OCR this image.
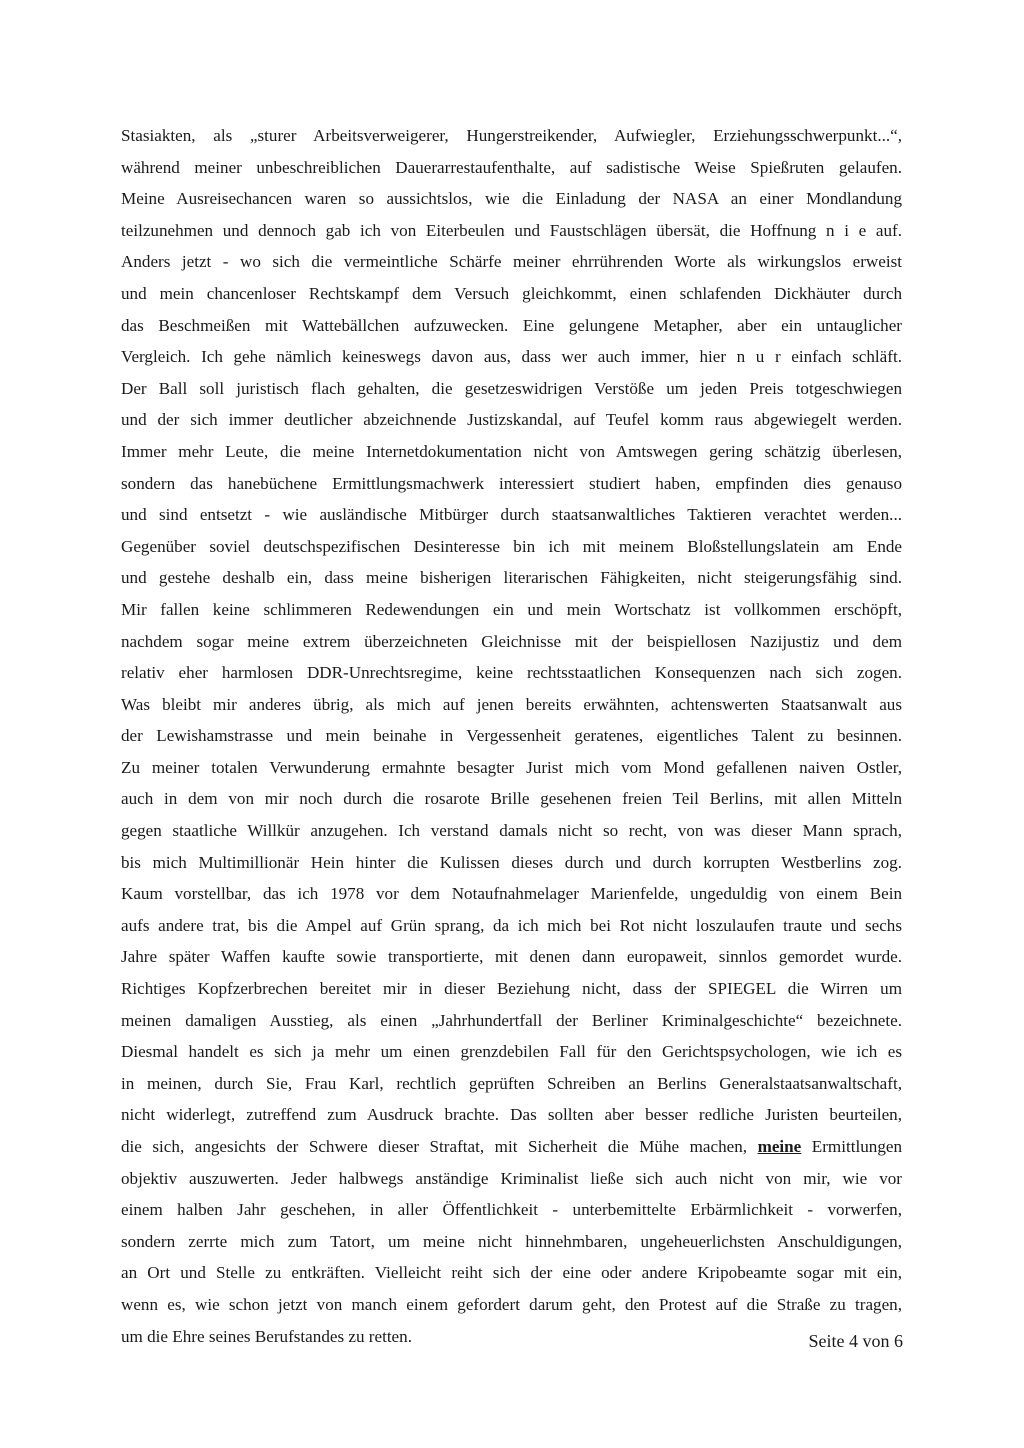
Stasiakten, als „sturer Arbeitsverweigerer, Hungerstreikender, Aufwiegler, Erziehungsschwerpunkt...“,
während meiner unbeschreiblichen Dauerarrestaufenthalte, auf sadistische Weise Spießruten gelaufen.
Meine Ausreisechancen waren so aussichtslos, wie die Einladung der NASA an einer Mondlandung
teilzunehmen und dennoch gab ich von Eiterbeulen und Faustschlägen übersät, die Hoffnung n i e auf.
Anders jetzt - wo sich die vermeintliche Schärfe meiner ehrrührenden Worte als wirkungslos erweist
und mein chancenloser Rechtskampf dem Versuch gleichkommt, einen schlafenden Dickhäuter durch
das Beschmeißen mit Wattebällchen aufzuwecken. Eine gelungene Metapher, aber ein untauglicher
Vergleich. Ich gehe nämlich keineswegs davon aus, dass wer auch immer, hier n u r einfach schläft.
Der Ball soll juristisch flach gehalten, die gesetzeswidrigen Verstöße um jeden Preis totgeschwiegen
und der sich immer deutlicher abzeichnende Justizskandal, auf Teufel komm raus abgewiegelt werden.
Immer mehr Leute, die meine Internetdokumentation nicht von Amtswegen gering schätzig überlesen,
sondern das hanebüchene Ermittlungsmachwerk interessiert studiert haben, empfinden dies genauso
und sind entsetzt - wie ausländische Mitbürger durch staatsanwaltliches Taktieren verachtet werden...
Gegenüber soviel deutschspezifischen Desinteresse bin ich mit meinem Bloßstellungslatein am Ende
und gestehe deshalb ein, dass meine bisherigen literarischen Fähigkeiten, nicht steigerungsfähig sind.
Mir fallen keine schlimmeren Redewendungen ein und mein Wortschatz ist vollkommen erschöpft,
nachdem sogar meine extrem überzeichneten Gleichnisse mit der beispiellosen Nazijustiz und dem
relativ eher harmlosen DDR-Unrechtsregime, keine rechtsstaatlichen Konsequenzen nach sich zogen.
Was bleibt mir anderes übrig, als mich auf jenen bereits erwähnten, achtenswerten Staatsanwalt aus
der Lewishamstrasse und mein beinahe in Vergessenheit geratenes, eigentliches Talent zu besinnen.
Zu meiner totalen Verwunderung ermahnte besagter Jurist mich vom Mond gefallenen naiven Ostler,
auch in dem von mir noch durch die rosarote Brille gesehenen freien Teil Berlins, mit allen Mitteln
gegen staatliche Willkür anzugehen. Ich verstand damals nicht so recht, von was dieser Mann sprach,
bis mich Multimillionär Hein hinter die Kulissen dieses durch und durch korrupten Westberlins zog.
Kaum vorstellbar, das ich 1978 vor dem Notaufnahmelager Marienfelde, ungeduldig von einem Bein
aufs andere trat, bis die Ampel auf Grün sprang, da ich mich bei Rot nicht loszulaufen traute und sechs
Jahre später Waffen kaufte sowie transportierte, mit denen dann europaweit, sinnlos gemordet wurde.
Richtiges Kopfzerbrechen bereitet mir in dieser Beziehung nicht, dass der SPIEGEL die Wirren um
meinen damaligen Ausstieg, als einen „Jahrhundertfall der Berliner Kriminalgeschichte“ bezeichnete.
Diesmal handelt es sich ja mehr um einen grenzdebilen Fall für den Gerichtspsychologen, wie ich es
in meinen, durch Sie, Frau Karl, rechtlich geprüften Schreiben an Berlins Generalstaatsanwaltschaft,
nicht widerlegt, zutreffend zum Ausdruck brachte. Das sollten aber besser redliche Juristen beurteilen,
die sich, angesichts der Schwere dieser Straftat, mit Sicherheit die Mühe machen, meine Ermittlungen
objektiv auszuwerten. Jeder halbwegs anständige Kriminalist ließe sich auch nicht von mir, wie vor
einem halben Jahr geschehen, in aller Öffentlichkeit - unterbemittelte Erbärmlichkeit - vorwerfen,
sondern zerrte mich zum Tatort, um meine nicht hinnehmbaren, ungeheuerlichsten Anschuldigungen,
an Ort und Stelle zu entkräften. Vielleicht reiht sich der eine oder andere Kripobeamte sogar mit ein,
wenn es, wie schon jetzt von manch einem gefordert darum geht, den Protest auf die Straße zu tragen,
um die Ehre seines Berufstandes zu retten.	Seite 4 von 6
